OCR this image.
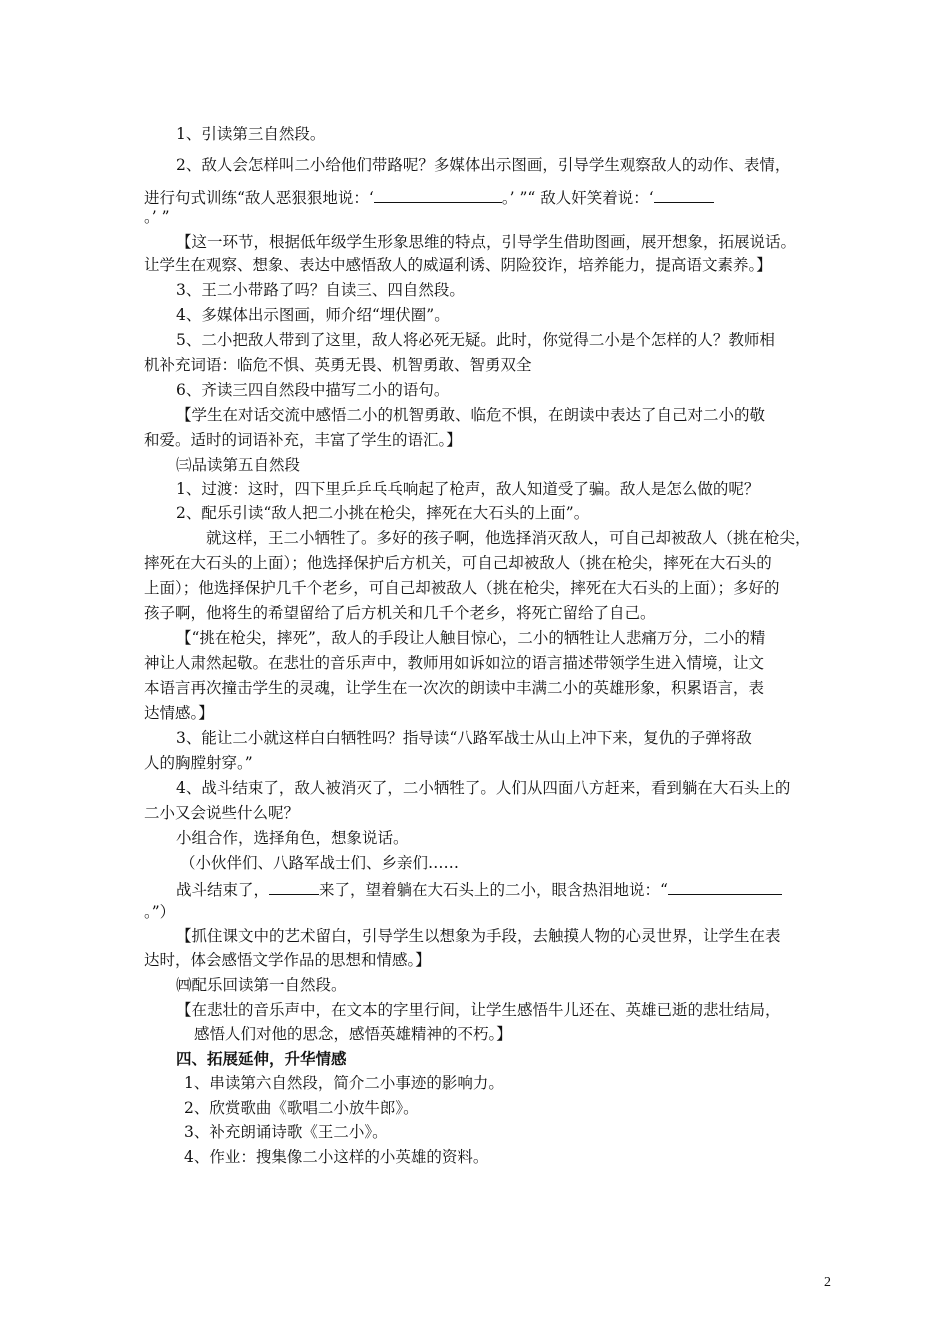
1、引读第三自然段。
2、敌人会怎样叫二小给他们带路呢？多媒体出示图画，引导学生观察敌人的动作、表情，
进行句式训练“敌人恶狠狠地说：‘	。’ ”“ 敌人奸笑着说：‘
。’ ”
【这一环节，根据低年级学生形象思维的特点，引导学生借助图画，展开想象，拓展说话。
让学生在观察、想象、表达中感悟敌人的威逼利诱、阴险狡诈，培养能力，提高语文素养。】
3、王二小带路了吗？自读三、四自然段。
4、多媒体出示图画，师介绍“埋伏圈”。
5、二小把敌人带到了这里，敌人将必死无疑。此时，你觉得二小是个怎样的人？教师相
机补充词语：临危不惧、英勇无畏、机智勇敢、智勇双全
6、齐读三四自然段中描写二小的语句。
【学生在对话交流中感悟二小的机智勇敢、临危不惧，在朗读中表达了自己对二小的敬
和爱。适时的词语补充，丰富了学生的语汇。】
㈢品读第五自然段
1、过渡：这时，四下里乒乒乓乓响起了枪声，敌人知道受了骗。敌人是怎么做的呢？
2、配乐引读“敌人把二小挑在枪尖，摔死在大石头的上面”。
就这样，王二小牺牲了。多好的孩子啊，他选择消灭敌人，可自己却被敌人（挑在枪尖，
摔死在大石头的上面）；他选择保护后方机关，可自己却被敌人（挑在枪尖，摔死在大石头的
上面）；他选择保护几千个老乡，可自己却被敌人（挑在枪尖，摔死在大石头的上面）；多好的
孩子啊，他将生的希望留给了后方机关和几千个老乡，将死亡留给了自己。
【“挑在枪尖，摔死”，敌人的手段让人触目惊心，二小的牺牲让人悲痛万分，二小的精
神让人肃然起敬。在悲壮的音乐声中，教师用如诉如泣的语言描述带领学生进入情境，让文
本语言再次撞击学生的灵魂，让学生在一次次的朗读中丰满二小的英雄形象，积累语言，表
达情感。】
3、能让二小就这样白白牺牲吗？指导读“八路军战士从山上冲下来，复仇的子弹将敌
人的胸膛射穿。”
4、战斗结束了，敌人被消灭了，二小牺牲了。人们从四面八方赶来，看到躺在大石头上的
二小又会说些什么呢？
小组合作，选择角色，想象说话。
（小伙伴们、八路军战士们、乡亲们……
战斗结束了，	来了，望着躺在大石头上的二小，眼含热泪地说：“
。”）
【抓住课文中的艺术留白，引导学生以想象为手段，去触摸人物的心灵世界，让学生在表
达时，体会感悟文学作品的思想和情感。】
㈣配乐回读第一自然段。
【在悲壮的音乐声中，在文本的字里行间，让学生感悟牛儿还在、英雄已逝的悲壮结局，
感悟人们对他的思念，感悟英雄精神的不朽。】
四、拓展延伸，升华情感
1、串读第六自然段，简介二小事迹的影响力。
2、欣赏歌曲《歌唱二小放牛郎》。
3、补充朗诵诗歌《王二小》。
4、作业：搜集像二小这样的小英雄的资料。
2
